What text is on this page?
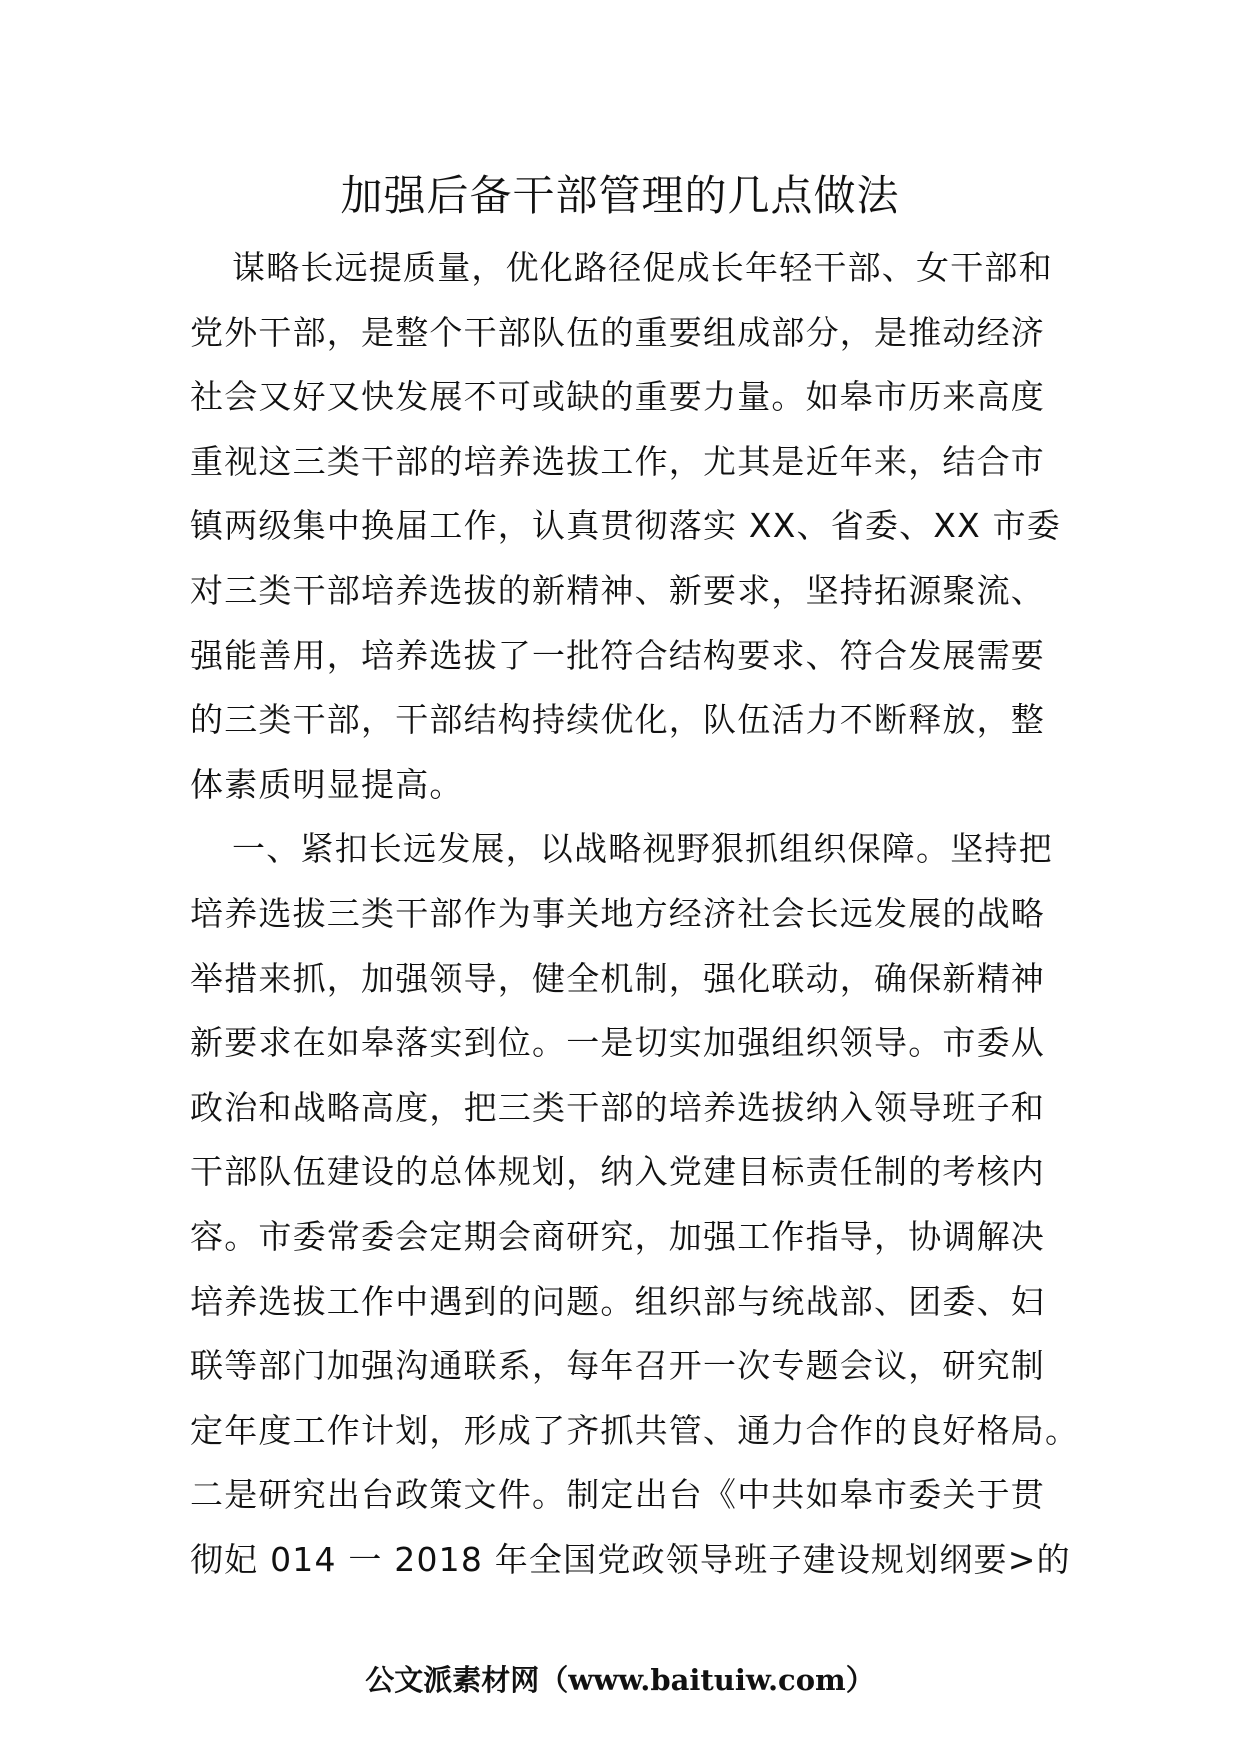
加强后备干部管理的几点做法
谋略长远提质量，优化路径促成长年轻干部、女干部和
党外干部，是整个干部队伍的重要组成部分，是推动经济
社会又好又快发展不可或缺的重要力量。如皋市历来高度
重视这三类干部的培养选拔工作，尤其是近年来，结合市
镇两级集中换届工作，认真贯彻落实 XX、省委、XX 市委
对三类干部培养选拔的新精神、新要求，坚持拓源聚流、
强能善用，培养选拔了一批符合结构要求、符合发展需要
的三类干部，干部结构持续优化，队伍活力不断释放，整
体素质明显提高。
一、紧扣长远发展，以战略视野狠抓组织保障。坚持把
培养选拔三类干部作为事关地方经济社会长远发展的战略
举措来抓，加强领导，健全机制，强化联动，确保新精神
新要求在如皋落实到位。一是切实加强组织领导。市委从
政治和战略高度，把三类干部的培养选拔纳入领导班子和
干部队伍建设的总体规划，纳入党建目标责任制的考核内
容。市委常委会定期会商研究，加强工作指导，协调解决
培养选拔工作中遇到的问题。组织部与统战部、团委、妇
联等部门加强沟通联系，每年召开一次专题会议，研究制
定年度工作计划，形成了齐抓共管、通力合作的良好格局。
二是研究出台政策文件。制定出台《中共如皋市委关于贯
彻妃 014 一 2018 年全国党政领导班子建设规划纲要>的
公文派素材网（www.baituiw.com）
